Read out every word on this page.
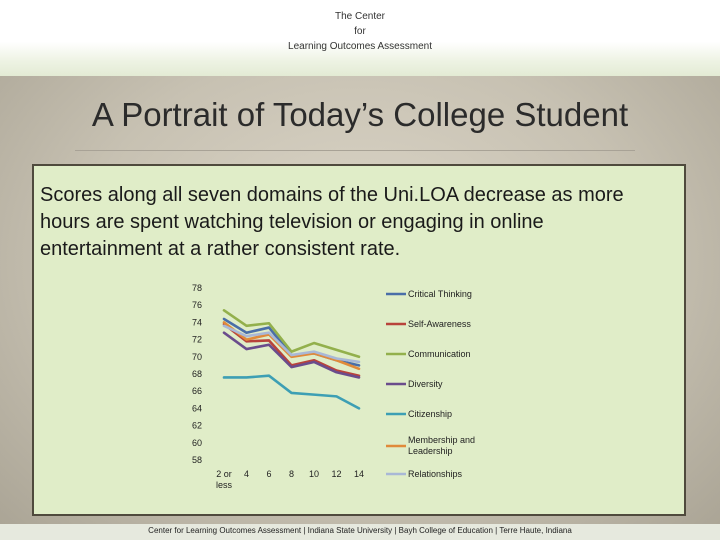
The Center
for
Learning Outcomes Assessment
A Portrait of Today’s College Student

Scores along all seven domains of the Uni.LOA decrease as more hours are spent watching television or engaging in online entertainment at a rather consistent rate.

78
76
74
72
70
68
66
64
62
60
58
2 or less
4 6 8 10 12 14
Critical Thinking
Self-Awareness
Communication
Diversity
Citizenship
Membership and Leadership
Relationships
Center for Learning Outcomes Assessment | Indiana State University | Bayh College of Education | Terre Haute, Indiana
